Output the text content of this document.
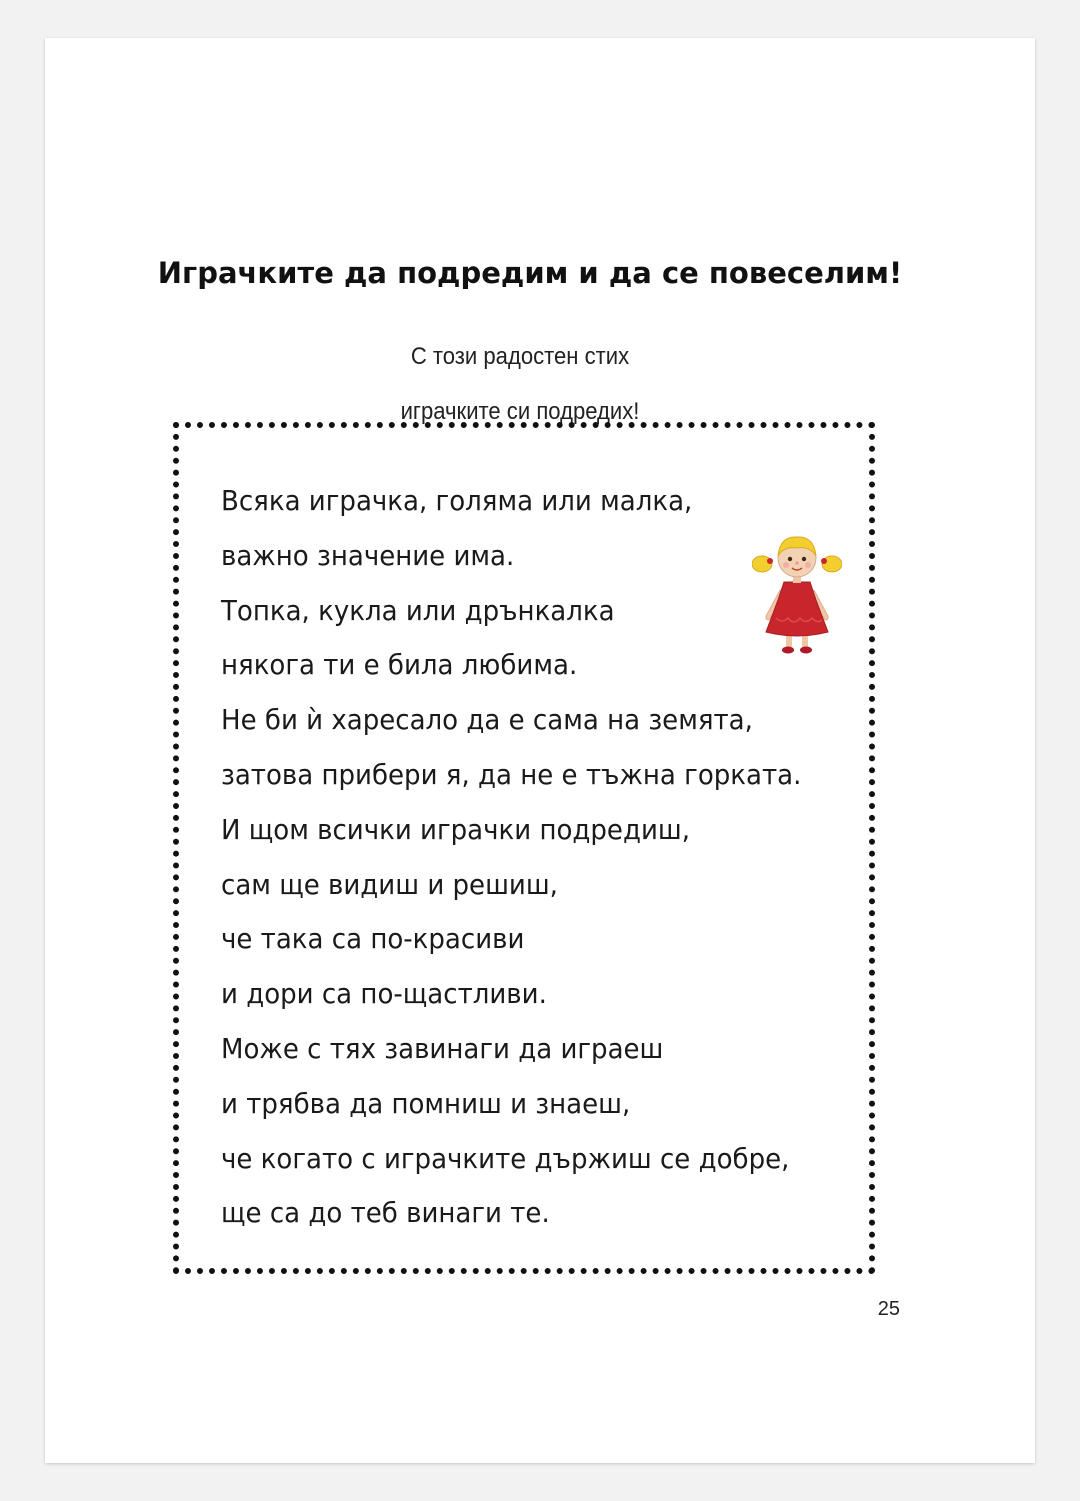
Играчките да подредим и да се повеселим!

С този радостен стих

играчките си подредих!

Всяка играчка, голяма или малка,
важно значение има.
Топка, кукла или дрънкалка
някога ти е била любима.
Не би ѝ харесало да е сама на земята,
затова прибери я, да не е тъжна горката.
И щом всички играчки подредиш,
сам ще видиш и решиш,
че така са по-красиви
и дори са по-щастливи.
Може с тях завинаги да играеш
и трябва да помниш и знаеш,
че когато с играчките държиш се добре,
ще са до теб винаги те.
25
